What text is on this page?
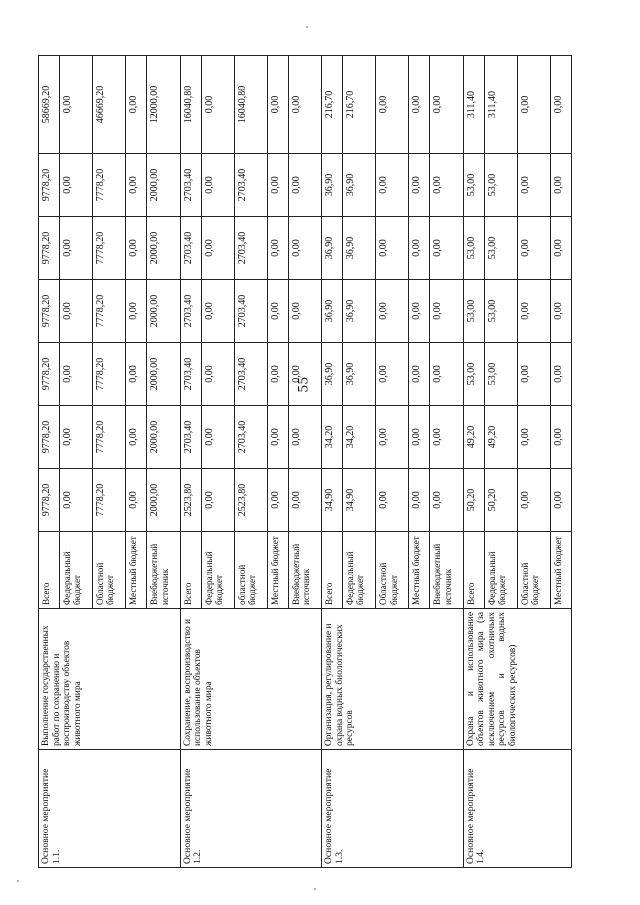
55
Основное мероприятие 1.1.	Выполнение государственных работ по сохранению и воспроизводству объектов животного мира	Всего	9778,20	9778,20	9778,20	9778,20	9778,20	9778,20	58669,20
		Федеральный бюджет	0,00	0,00	0,00	0,00	0,00	0,00	0,00
		Областной бюджет	7778,20	7778,20	7778,20	7778,20	7778,20	7778,20	46669,20
		Местный бюджет	0,00	0,00	0,00	0,00	0,00	0,00	0,00
		Внебюджетный источник	2000,00	2000,00	2000,00	2000,00	2000,00	2000,00	12000,00
Основное мероприятие 1.2.	Сохранение, воспроизводство и использование объектов животного мира	Всего	2523,80	2703,40	2703,40	2703,40	2703,40	2703,40	16040,80
		Федеральный бюджет	0,00	0,00	0,00	0,00	0,00	0,00	0,00
		областной бюджет	2523,80	2703,40	2703,40	2703,40	2703,40	2703,40	16040,80
		Местный бюджет	0,00	0,00	0,00	0,00	0,00	0,00	0,00
		Внебюджетный источник	0,00	0,00	0,00	0,00	0,00	0,00	0,00
Основное мероприятие 1.3.	Организация, регулирование и охрана водных биологических ресурсов	Всего	34,90	34,20	36,90	36,90	36,90	36,90	216,70
		Федеральный бюджет	34,90	34,20	36,90	36,90	36,90	36,90	216,70
		Областной бюджет	0,00	0,00	0,00	0,00	0,00	0,00	0,00
		Местный бюджет	0,00	0,00	0,00	0,00	0,00	0,00	0,00
		Внебюджетный источник	0,00	0,00	0,00	0,00	0,00	0,00	0,00
Основное мероприятие 1.4.	Охрана и использование объектов животного мира (за исключением охотничьих ресурсов и водных биологических ресурсов)	Всего	50,20	49,20	53,00	53,00	53,00	53,00	311,40
		Федеральный бюджет	50,20	49,20	53,00	53,00	53,00	53,00	311,40
		Областной бюджет	0,00	0,00	0,00	0,00	0,00	0,00	0,00
		Местный бюджет	0,00	0,00	0,00	0,00	0,00	0,00	0,00
